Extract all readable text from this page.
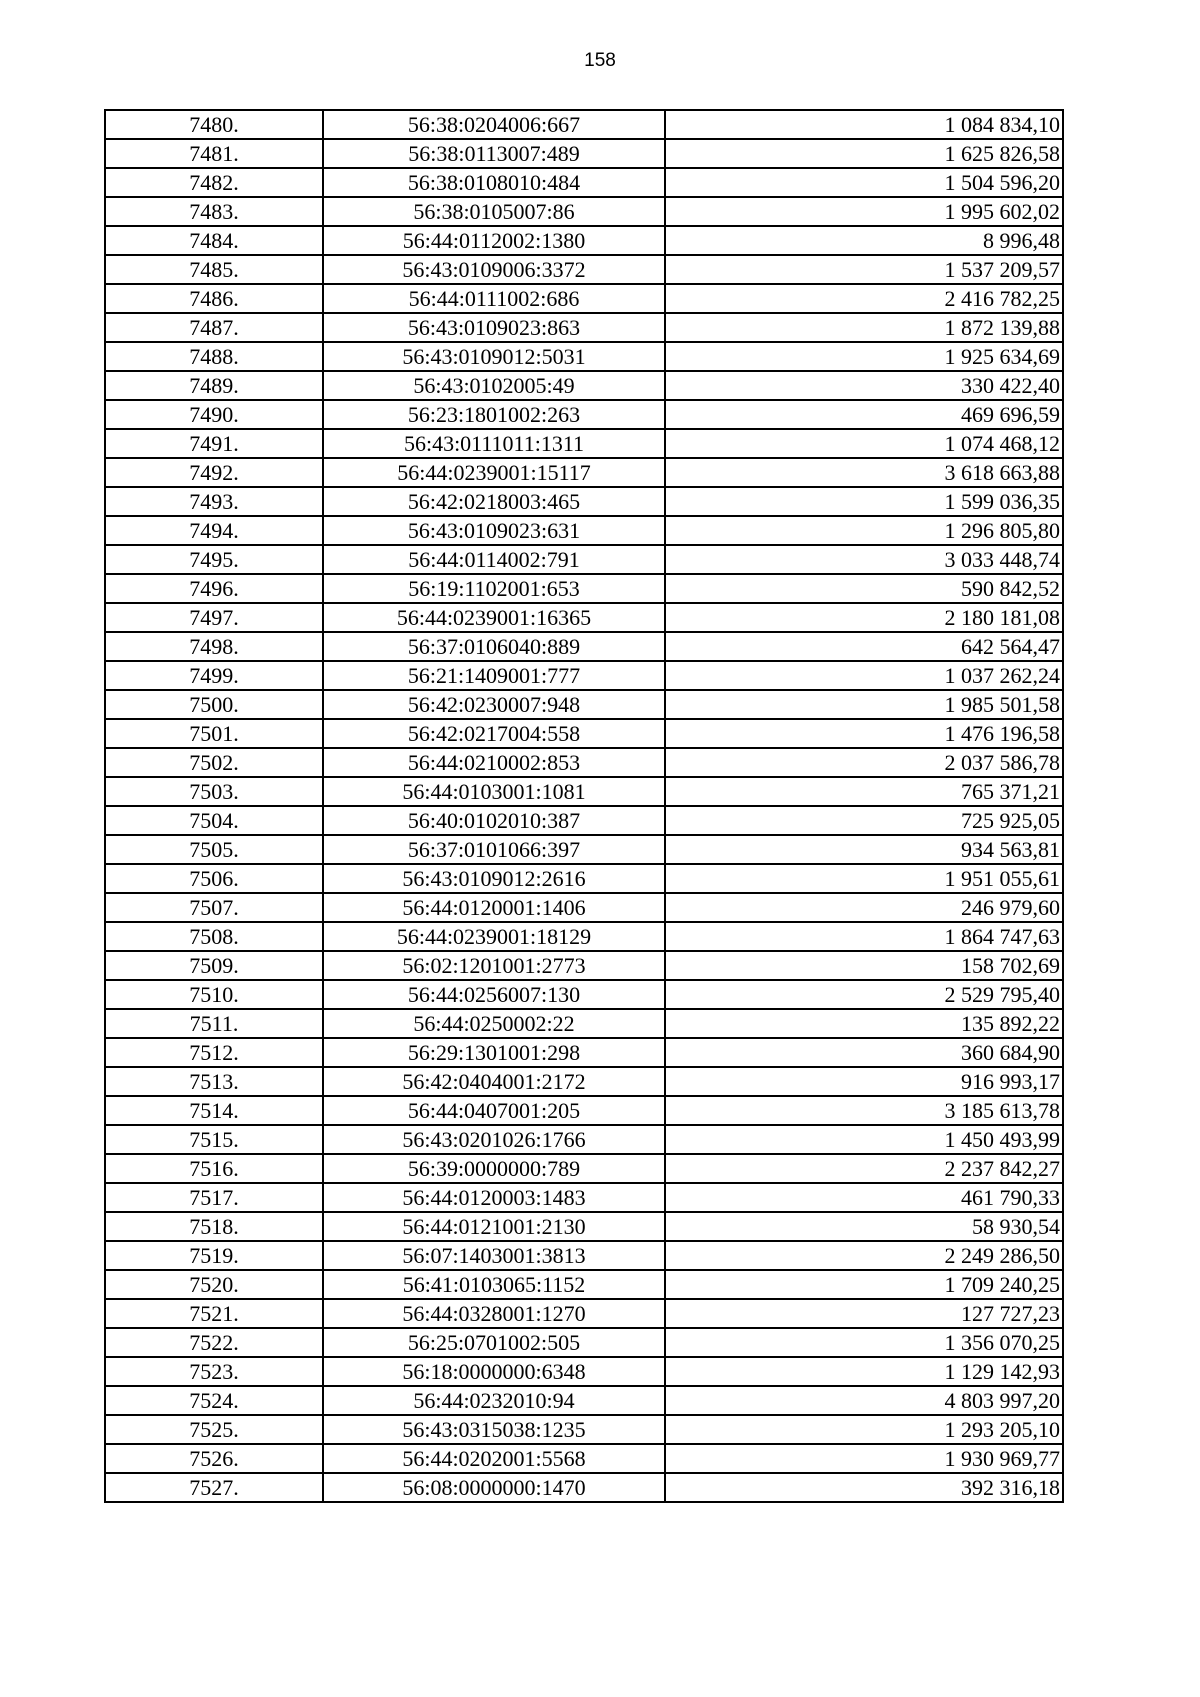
158
7480.	56:38:0204006:667	1 084 834,10
7481.	56:38:0113007:489	1 625 826,58
7482.	56:38:0108010:484	1 504 596,20
7483.	56:38:0105007:86	1 995 602,02
7484.	56:44:0112002:1380	8 996,48
7485.	56:43:0109006:3372	1 537 209,57
7486.	56:44:0111002:686	2 416 782,25
7487.	56:43:0109023:863	1 872 139,88
7488.	56:43:0109012:5031	1 925 634,69
7489.	56:43:0102005:49	330 422,40
7490.	56:23:1801002:263	469 696,59
7491.	56:43:0111011:1311	1 074 468,12
7492.	56:44:0239001:15117	3 618 663,88
7493.	56:42:0218003:465	1 599 036,35
7494.	56:43:0109023:631	1 296 805,80
7495.	56:44:0114002:791	3 033 448,74
7496.	56:19:1102001:653	590 842,52
7497.	56:44:0239001:16365	2 180 181,08
7498.	56:37:0106040:889	642 564,47
7499.	56:21:1409001:777	1 037 262,24
7500.	56:42:0230007:948	1 985 501,58
7501.	56:42:0217004:558	1 476 196,58
7502.	56:44:0210002:853	2 037 586,78
7503.	56:44:0103001:1081	765 371,21
7504.	56:40:0102010:387	725 925,05
7505.	56:37:0101066:397	934 563,81
7506.	56:43:0109012:2616	1 951 055,61
7507.	56:44:0120001:1406	246 979,60
7508.	56:44:0239001:18129	1 864 747,63
7509.	56:02:1201001:2773	158 702,69
7510.	56:44:0256007:130	2 529 795,40
7511.	56:44:0250002:22	135 892,22
7512.	56:29:1301001:298	360 684,90
7513.	56:42:0404001:2172	916 993,17
7514.	56:44:0407001:205	3 185 613,78
7515.	56:43:0201026:1766	1 450 493,99
7516.	56:39:0000000:789	2 237 842,27
7517.	56:44:0120003:1483	461 790,33
7518.	56:44:0121001:2130	58 930,54
7519.	56:07:1403001:3813	2 249 286,50
7520.	56:41:0103065:1152	1 709 240,25
7521.	56:44:0328001:1270	127 727,23
7522.	56:25:0701002:505	1 356 070,25
7523.	56:18:0000000:6348	1 129 142,93
7524.	56:44:0232010:94	4 803 997,20
7525.	56:43:0315038:1235	1 293 205,10
7526.	56:44:0202001:5568	1 930 969,77
7527.	56:08:0000000:1470	392 316,18
